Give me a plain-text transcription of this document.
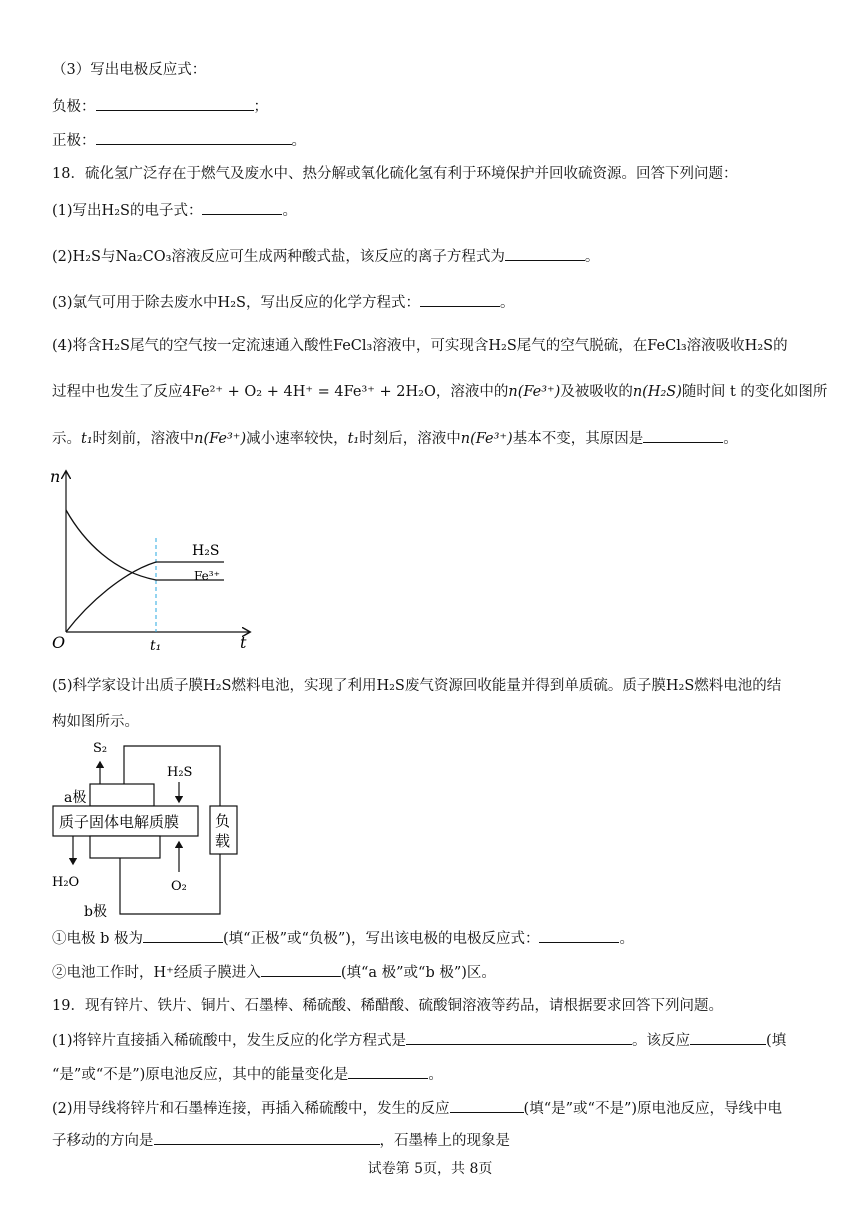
（3）写出电极反应式：
负极：	；
正极：	。
18．硫化氢广泛存在于燃气及废水中、热分解或氧化硫化氢有利于环境保护并回收硫资源。回答下列问题：
(1)写出H₂S的电子式：	。
(2)H₂S与Na₂CO₃溶液反应可生成两种酸式盐，该反应的离子方程式为	。
(3)氯气可用于除去废水中H₂S，写出反应的化学方程式：	。
(4)将含H₂S尾气的空气按一定流速通入酸性FeCl₃溶液中，可实现含H₂S尾气的空气脱硫，在FeCl₃溶液吸收H₂S的
过程中也发生了反应4Fe²⁺ + O₂ + 4H⁺ = 4Fe³⁺ + 2H₂O，溶液中的n(Fe³⁺)及被吸收的n(H₂S)随时间 t 的变化如图所
示。t₁时刻前，溶液中n(Fe³⁺)减小速率较快，t₁时刻后，溶液中n(Fe³⁺)基本不变，其原因是	。
n
t
O	t₁
H₂S
Fe³⁺
(5)科学家设计出质子膜H₂S燃料电池，实现了利用H₂S废气资源回收能量并得到单质硫。质子膜H₂S燃料电池的结
构如图所示。
负
载
质子固体电解质膜
a极
b极
S₂
H₂S
H₂O	O₂
①电极 b 极为	(填“正极”或“负极”)，写出该电极的电极反应式：	。
②电池工作时，H⁺经质子膜进入	(填“a 极”或“b 极”)区。
19．现有锌片、铁片、铜片、石墨棒、稀硫酸、稀醋酸、硫酸铜溶液等药品，请根据要求回答下列问题。
(1)将锌片直接插入稀硫酸中，发生反应的化学方程式是	。该反应	(填
“是”或“不是”)原电池反应，其中的能量变化是	。
(2)用导线将锌片和石墨棒连接，再插入稀硫酸中，发生的反应	(填“是”或“不是”)原电池反应，导线中电
子移动的方向是	，石墨棒上的现象是
试卷第 5页，共 8页
